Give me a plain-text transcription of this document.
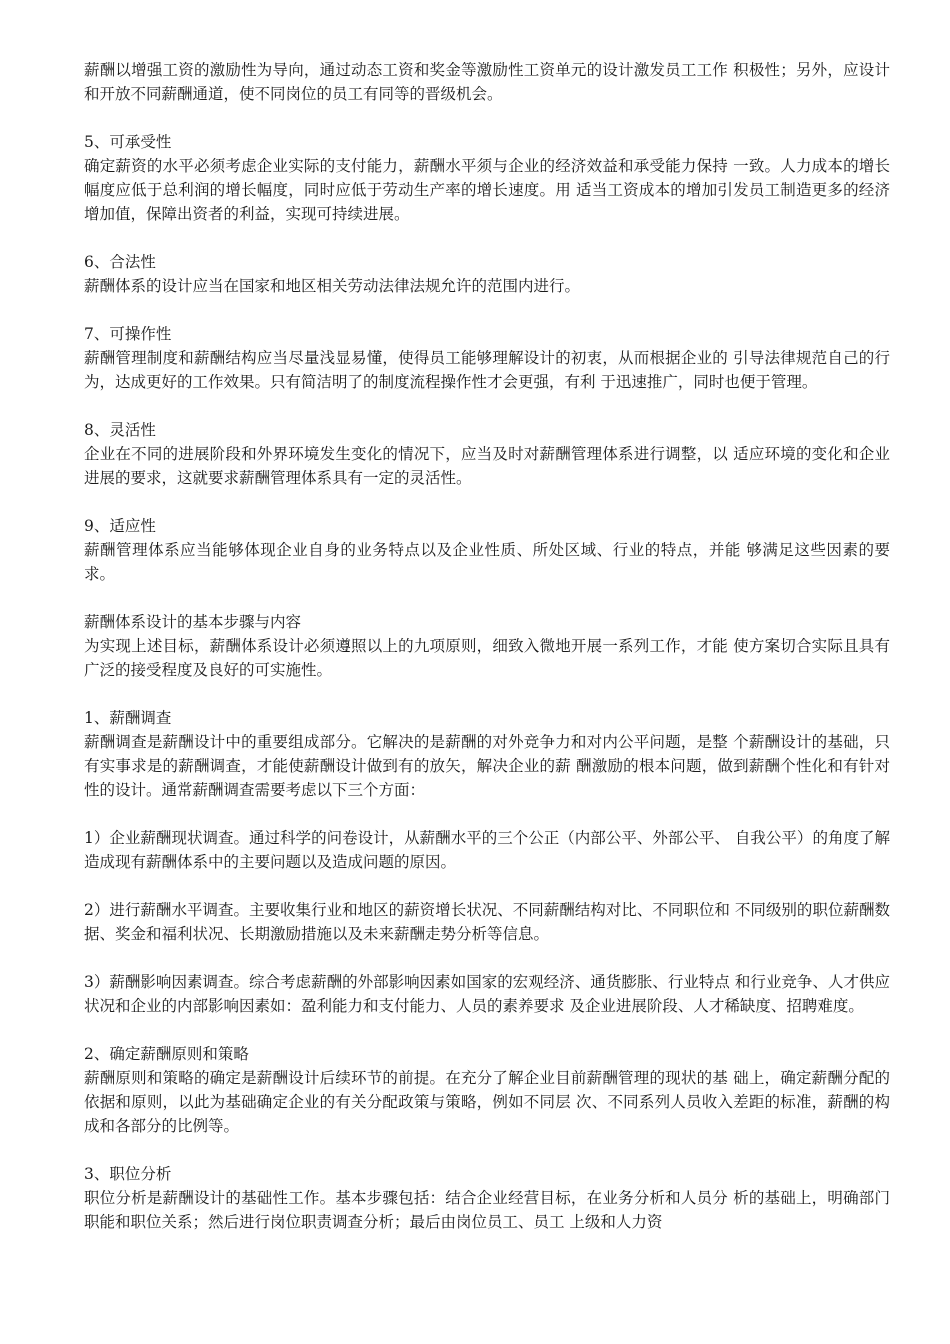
薪酬以增强工资的激励性为导向，通过动态工资和奖金等激励性工资单元的设计激发员工工作 积极性；另外，应设计和开放不同薪酬通道，使不同岗位的员工有同等的晋级机会。

5、可承受性

确定薪资的水平必须考虑企业实际的支付能力，薪酬水平须与企业的经济效益和承受能力保持 一致。人力成本的增长幅度应低于总利润的增长幅度，同时应低于劳动生产率的增长速度。用 适当工资成本的增加引发员工制造更多的经济增加值，保障出资者的利益，实现可持续进展。

6、合法性

薪酬体系的设计应当在国家和地区相关劳动法律法规允许的范围内进行。

7、可操作性

薪酬管理制度和薪酬结构应当尽量浅显易懂，使得员工能够理解设计的初衷，从而根据企业的 引导法律规范自己的行为，达成更好的工作效果。只有简洁明了的制度流程操作性才会更强，有利 于迅速推广，同时也便于管理。

8、灵活性

企业在不同的进展阶段和外界环境发生变化的情况下，应当及时对薪酬管理体系进行调整，以 适应环境的变化和企业进展的要求，这就要求薪酬管理体系具有一定的灵活性。

9、适应性

薪酬管理体系应当能够体现企业自身的业务特点以及企业性质、所处区域、行业的特点，并能 够满足这些因素的要求。

薪酬体系设计的基本步骤与内容

为实现上述目标，薪酬体系设计必须遵照以上的九项原则，细致入微地开展一系列工作，才能 使方案切合实际且具有广泛的接受程度及良好的可实施性。

1、薪酬调查

薪酬调查是薪酬设计中的重要组成部分。它解决的是薪酬的对外竞争力和对内公平问题，是整 个薪酬设计的基础，只有实事求是的薪酬调查，才能使薪酬设计做到有的放矢，解决企业的薪 酬激励的根本问题，做到薪酬个性化和有针对性的设计。通常薪酬调查需要考虑以下三个方面：

1）企业薪酬现状调查。通过科学的问卷设计，从薪酬水平的三个公正（内部公平、外部公平、 自我公平）的角度了解造成现有薪酬体系中的主要问题以及造成问题的原因。

2）进行薪酬水平调查。主要收集行业和地区的薪资增长状况、不同薪酬结构对比、不同职位和 不同级别的职位薪酬数据、奖金和福利状况、长期激励措施以及未来薪酬走势分析等信息。

3）薪酬影响因素调查。综合考虑薪酬的外部影响因素如国家的宏观经济、通货膨胀、行业特点 和行业竞争、人才供应状况和企业的内部影响因素如：盈利能力和支付能力、人员的素养要求 及企业进展阶段、人才稀缺度、招聘难度。

2、确定薪酬原则和策略

薪酬原则和策略的确定是薪酬设计后续环节的前提。在充分了解企业目前薪酬管理的现状的基 础上，确定薪酬分配的依据和原则，以此为基础确定企业的有关分配政策与策略，例如不同层 次、不同系列人员收入差距的标准，薪酬的构成和各部分的比例等。

3、职位分析

职位分析是薪酬设计的基础性工作。基本步骤包括：结合企业经营目标，在业务分析和人员分 析的基础上，明确部门职能和职位关系；然后进行岗位职责调查分析；最后由岗位员工、员工 上级和人力资
